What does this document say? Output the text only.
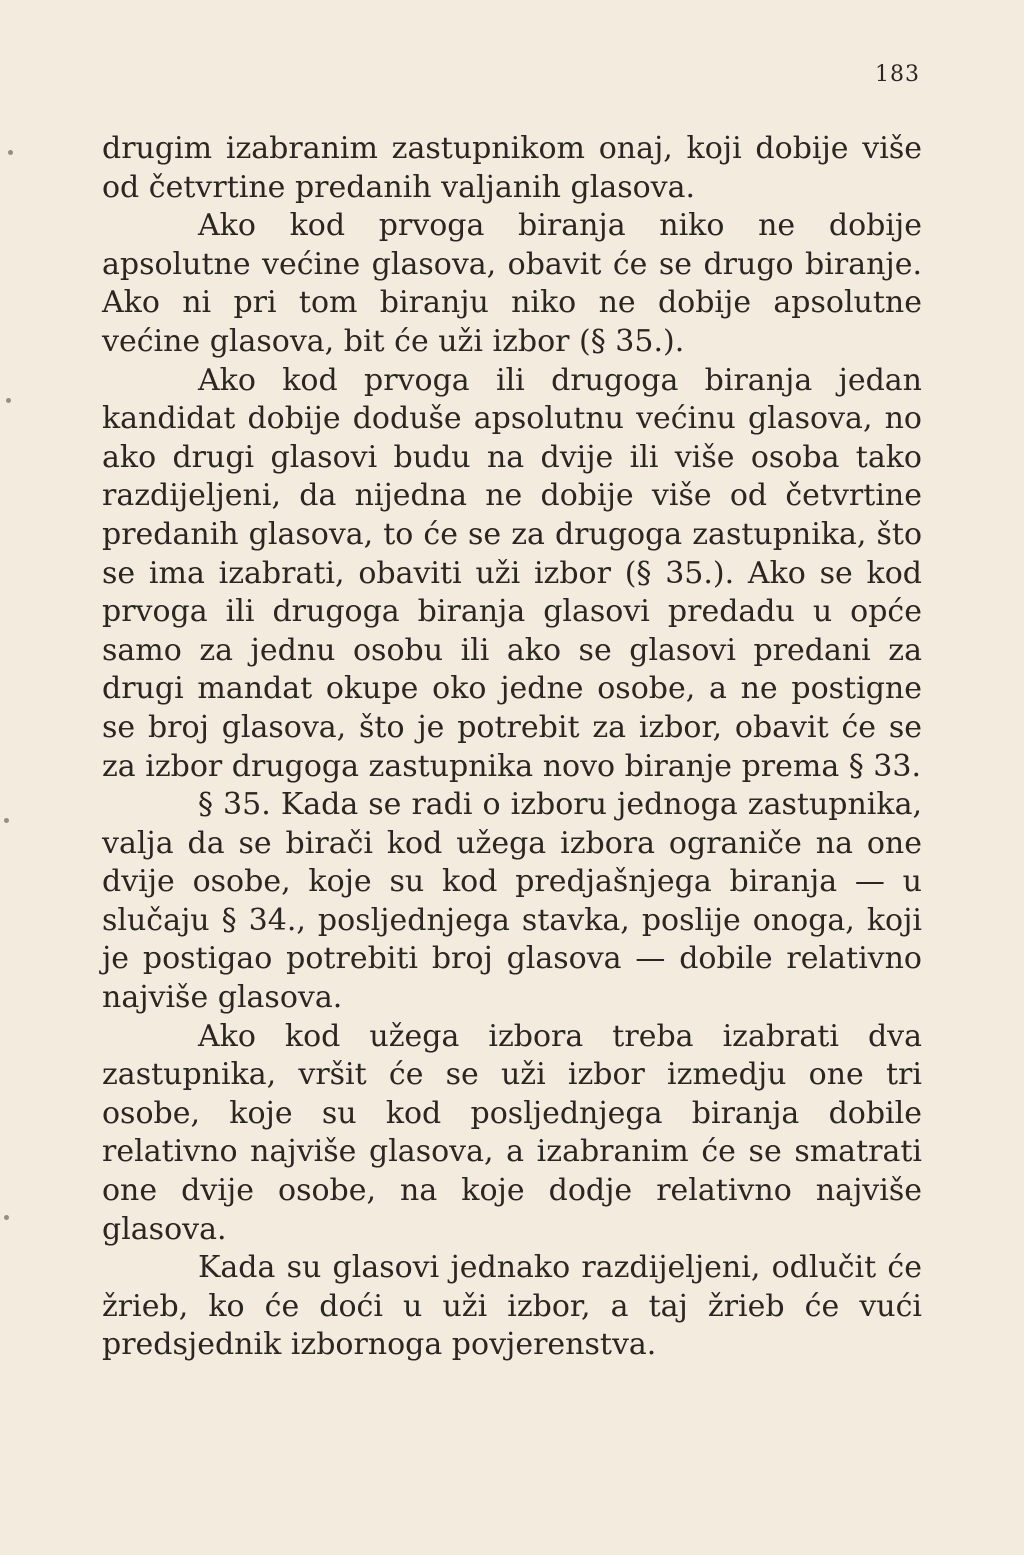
183

drugim izabranim zastupnikom onaj, koji dobije više od četvrtine predanih valjanih glasova.

Ako kod prvoga biranja niko ne dobije apsolutne većine glasova, obavit će se drugo biranje. Ako ni pri tom biranju niko ne dobije apsolutne većine glasova, bit će uži izbor (§ 35.).

Ako kod prvoga ili drugoga biranja jedan kandidat dobije doduše apsolutnu većinu glasova, no ako drugi glasovi budu na dvije ili više osoba tako razdijeljeni, da nijedna ne dobije više od četvrtine predanih glasova, to će se za drugoga zastupnika, što se ima izabrati, obaviti uži izbor (§ 35.). Ako se kod prvoga ili drugoga biranja glasovi predadu u opće samo za jednu osobu ili ako se glasovi predani za drugi mandat okupe oko jedne osobe, a ne postigne se broj glasova, što je potrebit za izbor, obavit će se za izbor drugoga zastupnika novo biranje prema § 33.

§ 35. Kada se radi o izboru jednoga zastupnika, valja da se birači kod užega izbora ograniče na one dvije osobe, koje su kod predjašnjega biranja — u slučaju § 34., posljednjega stavka, poslije onoga, koji je postigao potrebiti broj glasova — dobile relativno najviše glasova.

Ako kod užega izbora treba izabrati dva zastupnika, vršit će se uži izbor izmedju one tri osobe, koje su kod posljednjega biranja dobile relativno najviše glasova, a izabranim će se smatrati one dvije osobe, na koje dodje relativno najviše glasova.

Kada su glasovi jednako razdijeljeni, odlučit će žrieb, ko će doći u uži izbor, a taj žrieb će vući predsjednik izbornoga povjerenstva.
